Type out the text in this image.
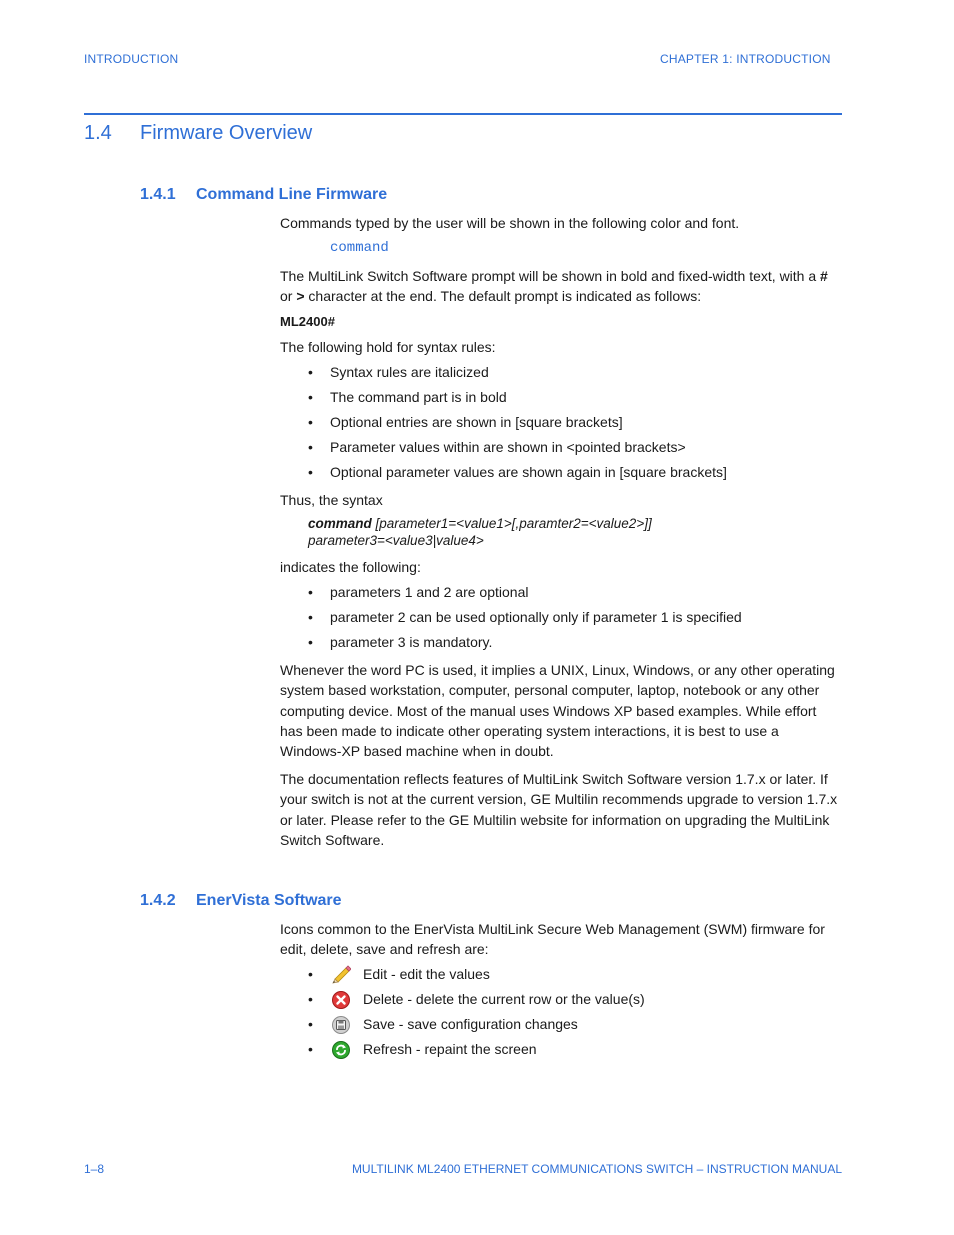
INTRODUCTION	CHAPTER 1: INTRODUCTION
1.4 Firmware Overview
1.4.1 Command Line Firmware
Commands typed by the user will be shown in the following color and font.
command
The MultiLink Switch Software prompt will be shown in bold and fixed-width text, with a # or > character at the end. The default prompt is indicated as follows:
ML2400#
The following hold for syntax rules:
• Syntax rules are italicized
• The command part is in bold
• Optional entries are shown in [square brackets]
• Parameter values within are shown in <pointed brackets>
• Optional parameter values are shown again in [square brackets]
Thus, the syntax
command [parameter1=<value1>[,paramter2=<value2>]]
parameter3=<value3|value4>
indicates the following:
• parameters 1 and 2 are optional
• parameter 2 can be used optionally only if parameter 1 is specified
• parameter 3 is mandatory.
Whenever the word PC is used, it implies a UNIX, Linux, Windows, or any other operating system based workstation, computer, personal computer, laptop, notebook or any other computing device. Most of the manual uses Windows XP based examples. While effort has been made to indicate other operating system interactions, it is best to use a Windows-XP based machine when in doubt.
The documentation reflects features of MultiLink Switch Software version 1.7.x or later. If your switch is not at the current version, GE Multilin recommends upgrade to version 1.7.x or later. Please refer to the GE Multilin website for information on upgrading the MultiLink Switch Software.
1.4.2 EnerVista Software
Icons common to the EnerVista MultiLink Secure Web Management (SWM) firmware for edit, delete, save and refresh are:
•	Edit - edit the values
•	Delete - delete the current row or the value(s)
•	Save - save configuration changes
•	Refresh - repaint the screen
1–8	MULTILINK ML2400 ETHERNET COMMUNICATIONS SWITCH – INSTRUCTION MANUAL
